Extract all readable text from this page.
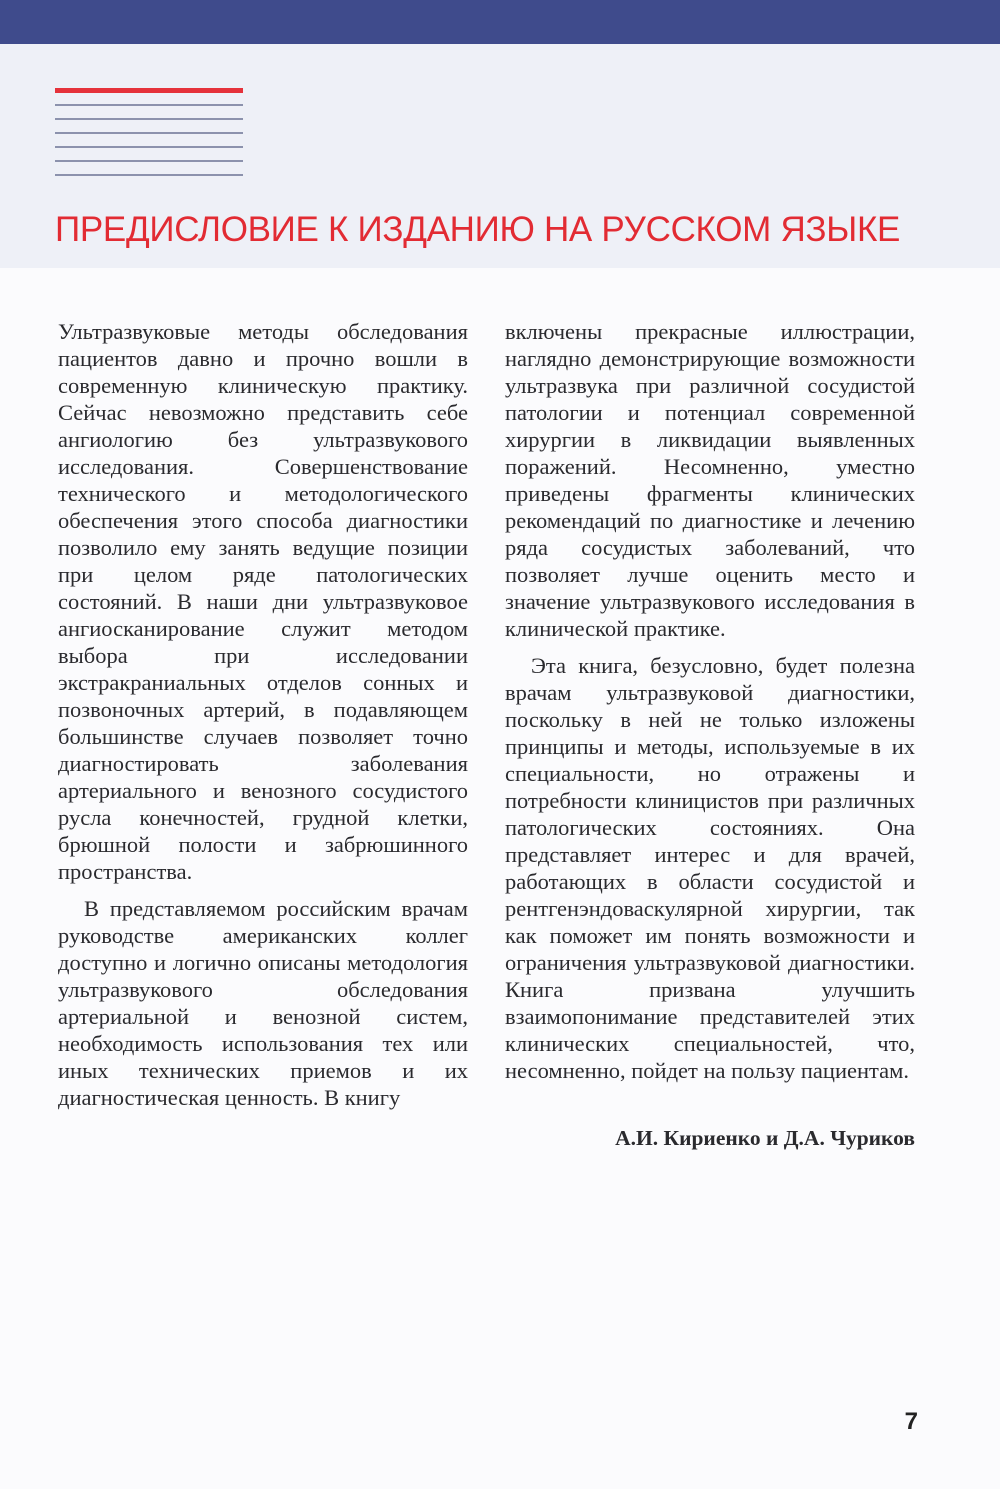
ПРЕДИСЛОВИЕ К ИЗДАНИЮ НА РУССКОМ ЯЗЫКЕ

Ультразвуковые методы обследования пациентов давно и прочно вошли в современную клиническую практику. Сейчас невозможно представить себе ангиологию без ультразвукового исследования. Совершенствование технического и методологического обеспечения этого способа диагностики позволило ему занять ведущие позиции при целом ряде патологических состояний. В наши дни ультразвуковое ангиосканирование служит методом выбора при исследовании экстракраниальных отделов сонных и позвоночных артерий, в подавляющем большинстве случаев позволяет точно диагностировать заболевания артериального и венозного сосудистого русла конечностей, грудной клетки, брюшной полости и забрюшинного пространства.

В представляемом российским врачам руководстве американских коллег доступно и логично описаны методология ультразвукового обследования артериальной и венозной систем, необходимость использования тех или иных технических приемов и их диагностическая ценность. В книгу

включены прекрасные иллюстрации, наглядно демонстрирующие возможности ультразвука при различной сосудистой патологии и потенциал современной хирургии в ликвидации выявленных поражений. Несомненно, уместно приведены фрагменты клинических рекомендаций по диагностике и лечению ряда сосудистых заболеваний, что позволяет лучше оценить место и значение ультразвукового исследования в клинической практике.

Эта книга, безусловно, будет полезна врачам ультразвуковой диагностики, поскольку в ней не только изложены принципы и методы, используемые в их специальности, но отражены и потребности клиницистов при различных патологических состояниях. Она представляет интерес и для врачей, работающих в области сосудистой и рентгенэндоваскулярной хирургии, так как поможет им понять возможности и ограничения ультразвуковой диагностики. Книга призвана улучшить взаимопонимание представителей этих клинических специальностей, что, несомненно, пойдет на пользу пациентам.

А.И. Кириенко и Д.А. Чуриков
7
